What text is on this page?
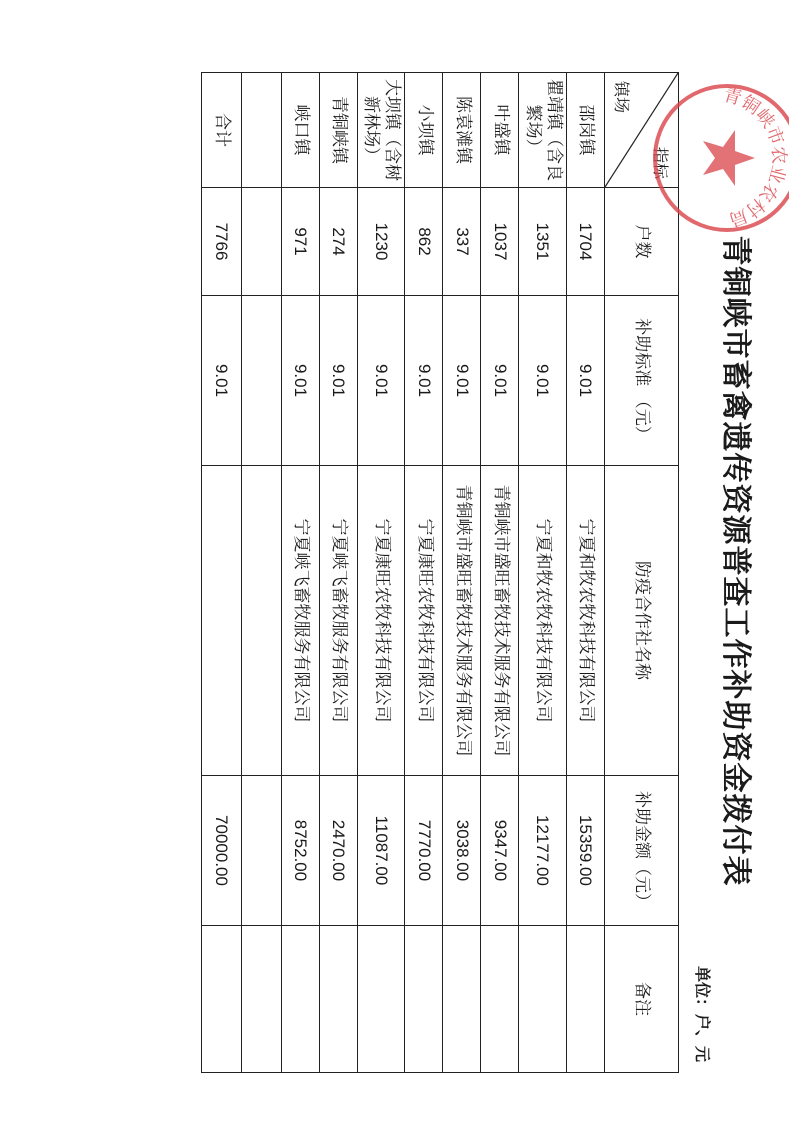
青铜峡市畜禽遗传资源普查工作补助资金拨付表
单位：户、元
指标
镇场	户数	补助标准 （元）	防疫合作社名称	补助金额（元）	备注
邵岗镇	1704	9.01	宁夏和牧农牧科技有限公司	15359.00	
瞿靖镇（含良繁场）	1351	9.01	宁夏和牧农牧科技有限公司	12177.00	
叶盛镇	1037	9.01	青铜峡市盛旺畜牧技术服务有限公司	9347.00	
陈袁滩镇	337	9.01	青铜峡市盛旺畜牧技术服务有限公司	3038.00	
小坝镇	862	9.01	宁夏康旺农牧科技有限公司	7770.00	
大坝镇（含树新林场）	1230	9.01	宁夏康旺农牧科技有限公司	11087.00	
青铜峡镇	274	9.01	宁夏峡飞畜牧服务有限公司	2470.00	
峡口镇	971	9.01	宁夏峡飞畜牧服务有限公司	8752.00	

合计	7766	9.01		70000.00	
青铜峡市农业农村局
